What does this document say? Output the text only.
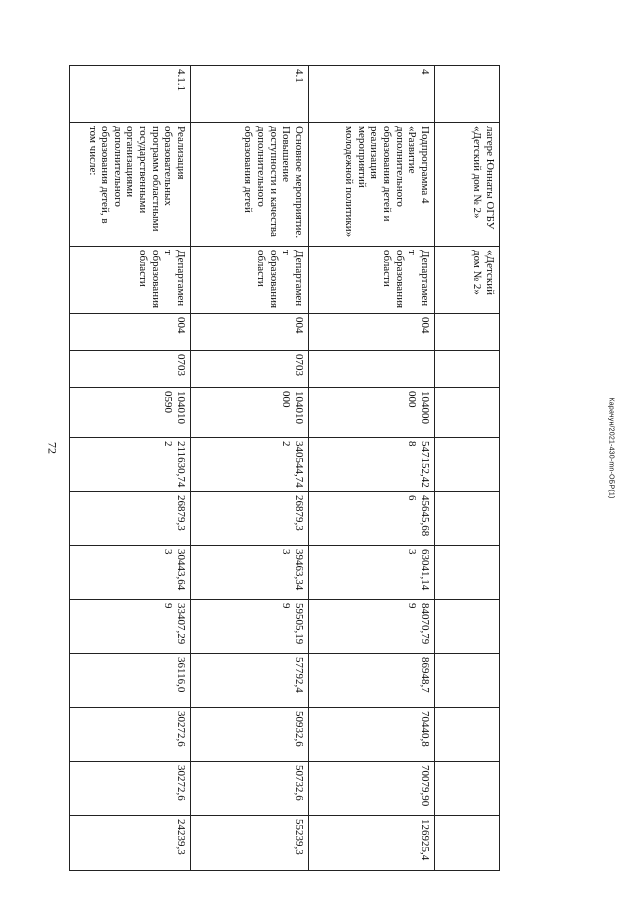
72	Карачун/2021-430-mn-ОБР(1)
	лагере Юннаты ОГБУ «Детский дом № 2»	«Детский дом № 2»											
4	Подпрограмма 4 «Развитие дополнительного образования детей и реализация мероприятий молодежной политики»	Департамент образования области	004		104000 000	547152,42 8	45645,68 6	63041,14 3	84070,79 9	86948,7	70440,8	70079,90	126925,4
4.1	Основное мероприятие. Повышение доступности и качества дополнительного образования детей	Департамент образования области	004	0703	104010 000	340544,74 2	26879,3	39463,34 3	59505,19 9	57792,4	50932,6	50732,6	55239,3
4.1.1	Реализация образовательных программ областными государственными организациями дополнительного образования детей, в том числе:	Департамент образования области	004	0703	104010 0590	211630,74 2	26879,3	30443,64 3	33407,29 9	36116,0	30272,6	30272,6	24239,3
